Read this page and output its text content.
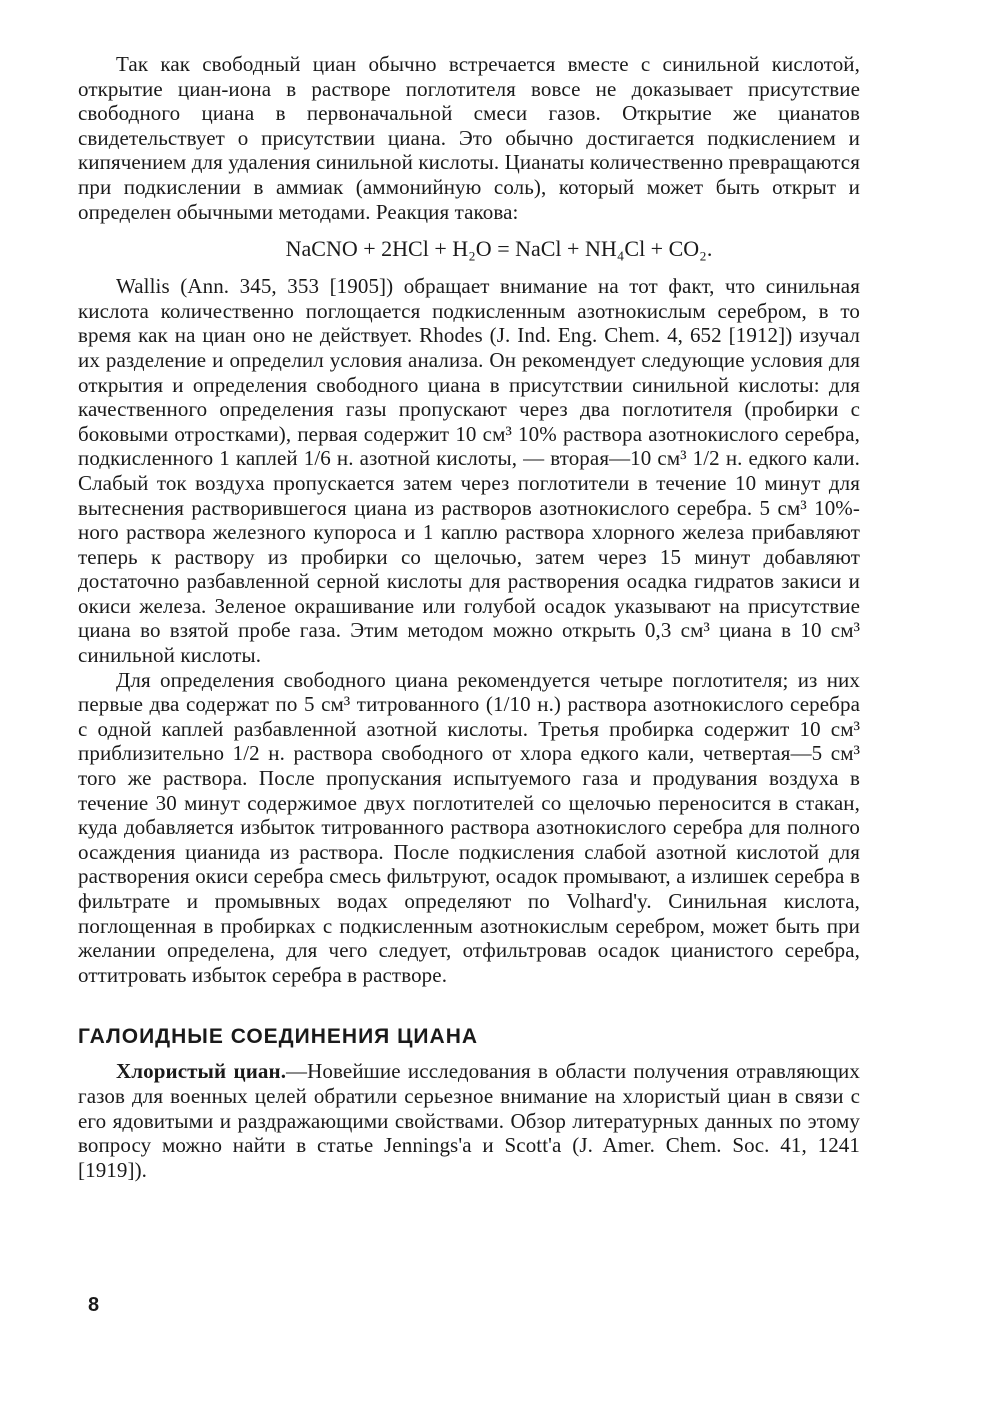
Так как свободный циан обычно встречается вместе с синильной кислотой, открытие циан-иона в растворе поглотителя вовсе не доказывает присутствие свободного циана в первоначальной смеси газов. Открытие же цианатов свидетельствует о присутствии циана. Это обычно достигается подкислением и кипячением для удаления синильной кислоты. Цианаты количественно превращаются при подкислении в аммиак (аммонийную соль), который может быть открыт и определен обычными методами. Реакция такова:

NaCNO + 2HCl + H₂O = NaCl + NH₄Cl + CO₂.

Wallis (Ann. 345, 353 [1905]) обращает внимание на тот факт, что синильная кислота количественно поглощается подкисленным азотнокислым серебром, в то время как на циан оно не действует. Rhodes (J. Ind. Eng. Chem. 4, 652 [1912]) изучал их разделение и определил условия анализа. Он рекомендует следующие условия для открытия и определения свободного циана в присутствии синильной кислоты: для качественного определения газы пропускают через два поглотителя (пробирки с боковыми отростками), первая содержит 10 см³ 10% раствора азотнокислого серебра, подкисленного 1 каплей 1/6 н. азотной кислоты, — вторая—10 см³ 1/2 н. едкого кали. Слабый ток воздуха пропускается затем через поглотители в течение 10 минут для вытеснения растворившегося циана из растворов азотнокислого серебра. 5 см³ 10%-ного раствора железного купороса и 1 каплю раствора хлорного железа прибавляют теперь к раствору из пробирки со щелочью, затем через 15 минут добавляют достаточно разбавленной серной кислоты для растворения осадка гидратов закиси и окиси железа. Зеленое окрашивание или голубой осадок указывают на присутствие циана во взятой пробе газа. Этим методом можно открыть 0,3 см³ циана в 10 см³ синильной кислоты.

Для определения свободного циана рекомендуется четыре поглотителя; из них первые два содержат по 5 см³ титрованного (1/10 н.) раствора азотнокислого серебра с одной каплей разбавленной азотной кислоты. Третья пробирка содержит 10 см³ приблизительно 1/2 н. раствора свободного от хлора едкого кали, четвертая—5 см³ того же раствора. После пропускания испытуемого газа и продувания воздуха в течение 30 минут содержимое двух поглотителей со щелочью переносится в стакан, куда добавляется избыток титрованного раствора азотнокислого серебра для полного осаждения цианида из раствора. После подкисления слабой азотной кислотой для растворения окиси серебра смесь фильтруют, осадок промывают, а излишек серебра в фильтрате и промывных водах определяют по Volhard'y. Синильная кислота, поглощенная в пробирках с подкисленным азотнокислым серебром, может быть при желании определена, для чего следует, отфильтровав осадок цианистого серебра, оттитровать избыток серебра в растворе.

ГАЛОИДНЫЕ СОЕДИНЕНИЯ ЦИАНА

Хлористый циан.—Новейшие исследования в области получения отравляющих газов для военных целей обратили серьезное внимание на хлористый циан в связи с его ядовитыми и раздражающими свойствами. Обзор литературных данных по этому вопросу можно найти в статье Jennings'a и Scott'a (J. Amer. Chem. Soc. 41, 1241 [1919]).

8
